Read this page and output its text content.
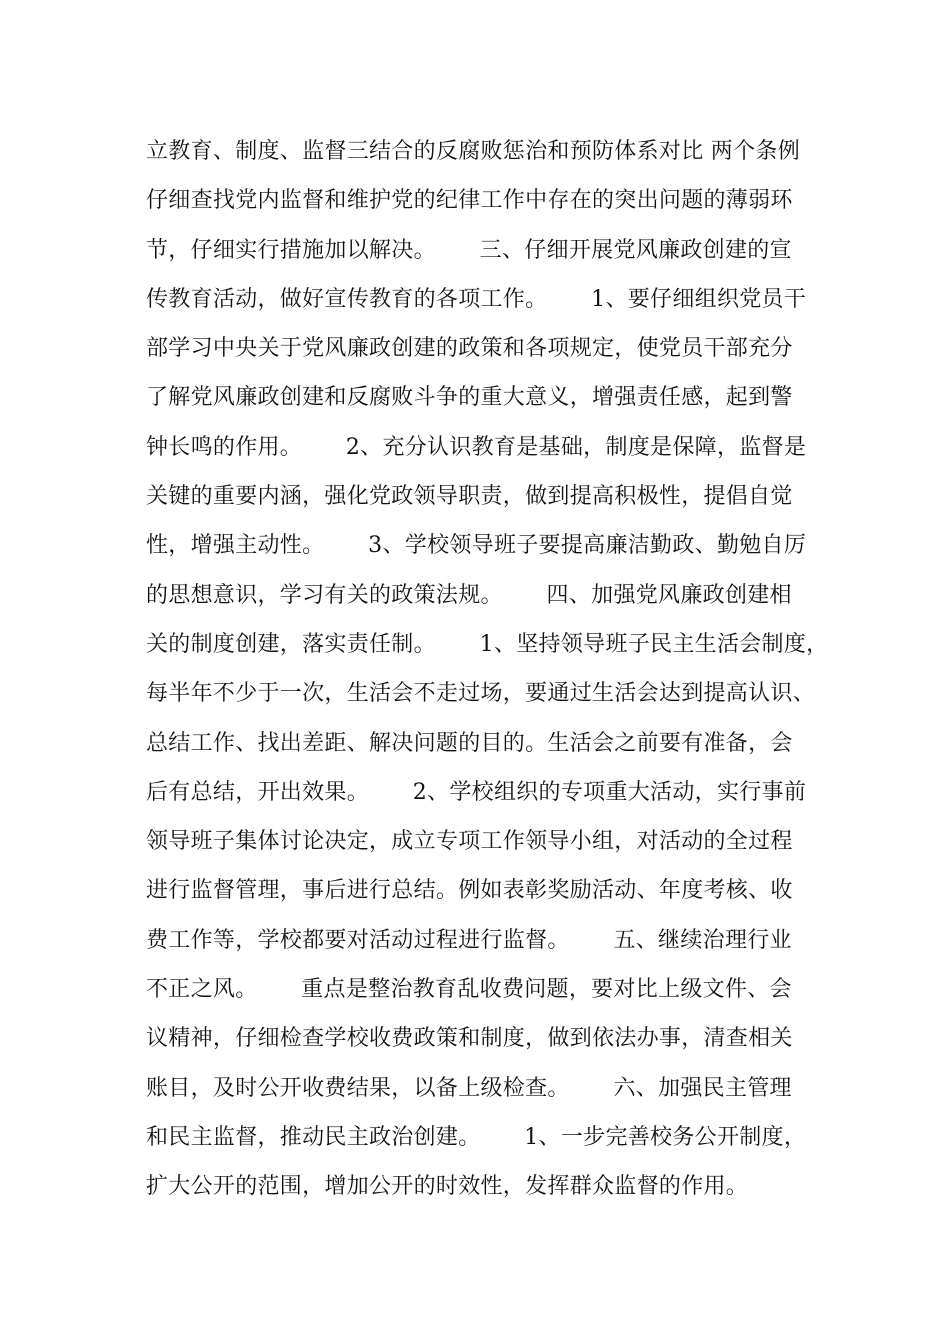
立教育、制度、监督三结合的反腐败惩治和预防体系对比 两个条例
仔细查找党内监督和维护党的纪律工作中存在的突出问题的薄弱环
节，仔细实行措施加以解决。      三、仔细开展党风廉政创建的宣
传教育活动，做好宣传教育的各项工作。      1、要仔细组织党员干
部学习中央关于党风廉政创建的政策和各项规定，使党员干部充分
了解党风廉政创建和反腐败斗争的重大意义，增强责任感，起到警
钟长鸣的作用。      2、充分认识教育是基础，制度是保障，监督是
关键的重要内涵，强化党政领导职责，做到提高积极性，提倡自觉
性，增强主动性。      3、学校领导班子要提高廉洁勤政、勤勉自厉
的思想意识，学习有关的政策法规。      四、加强党风廉政创建相
关的制度创建，落实责任制。      1、坚持领导班子民主生活会制度，
每半年不少于一次，生活会不走过场，要通过生活会达到提高认识、
总结工作、找出差距、解决问题的目的。生活会之前要有准备，会
后有总结，开出效果。      2、学校组织的专项重大活动，实行事前
领导班子集体讨论决定，成立专项工作领导小组，对活动的全过程
进行监督管理，事后进行总结。例如表彰奖励活动、年度考核、收
费工作等，学校都要对活动过程进行监督。      五、继续治理行业
不正之风。      重点是整治教育乱收费问题，要对比上级文件、会
议精神，仔细检查学校收费政策和制度，做到依法办事，清查相关
账目，及时公开收费结果，以备上级检查。      六、加强民主管理
和民主监督，推动民主政治创建。      1、一步完善校务公开制度，
扩大公开的范围，增加公开的时效性，发挥群众监督的作用。
